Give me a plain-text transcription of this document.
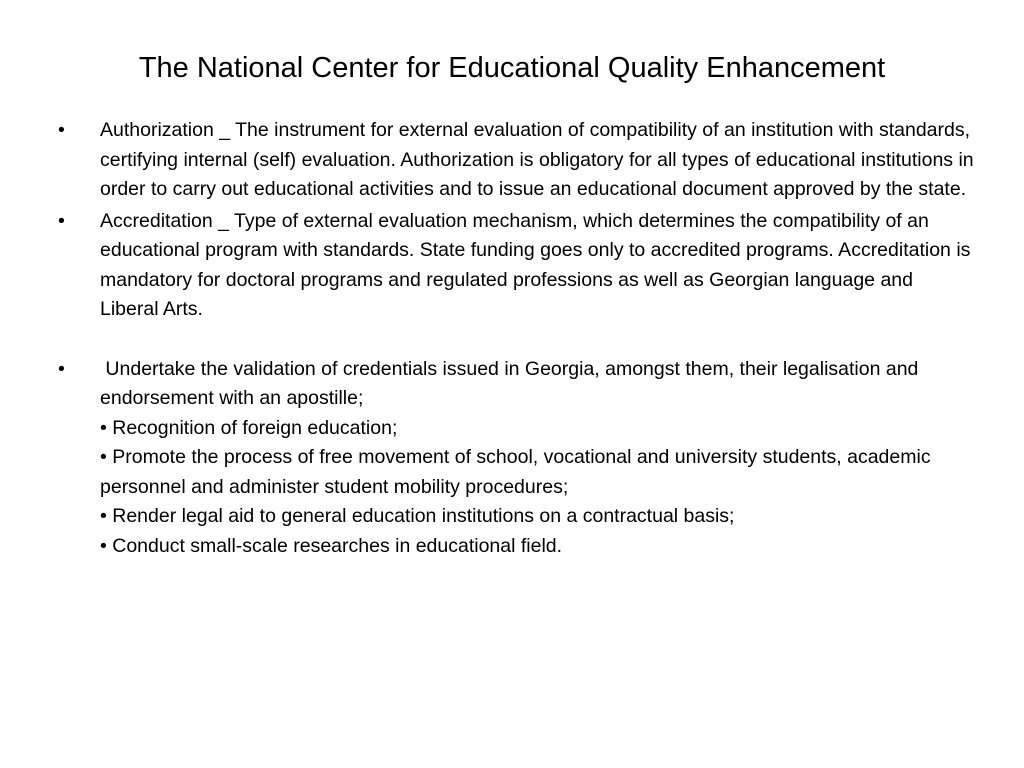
The National Center for Educational Quality Enhancement
•	Authorization _ The instrument for external evaluation of compatibility of an institution with standards, certifying internal (self) evaluation. Authorization is obligatory for all types of educational institutions in order to carry out educational activities and to issue an educational document approved by the state.
•	Accreditation _ Type of external evaluation mechanism, which determines the compatibility of an educational program with standards. State funding goes only to accredited programs. Accreditation is mandatory for doctoral programs and regulated professions as well as Georgian language and Liberal Arts.
•	Undertake the validation of credentials issued in Georgia, amongst them, their legalisation and endorsement with an apostille;
• Recognition of foreign education;
• Promote the process of free movement of school, vocational and university students, academic personnel and administer student mobility procedures;
• Render legal aid to general education institutions on a contractual basis;
• Conduct small-scale researches in educational field.
